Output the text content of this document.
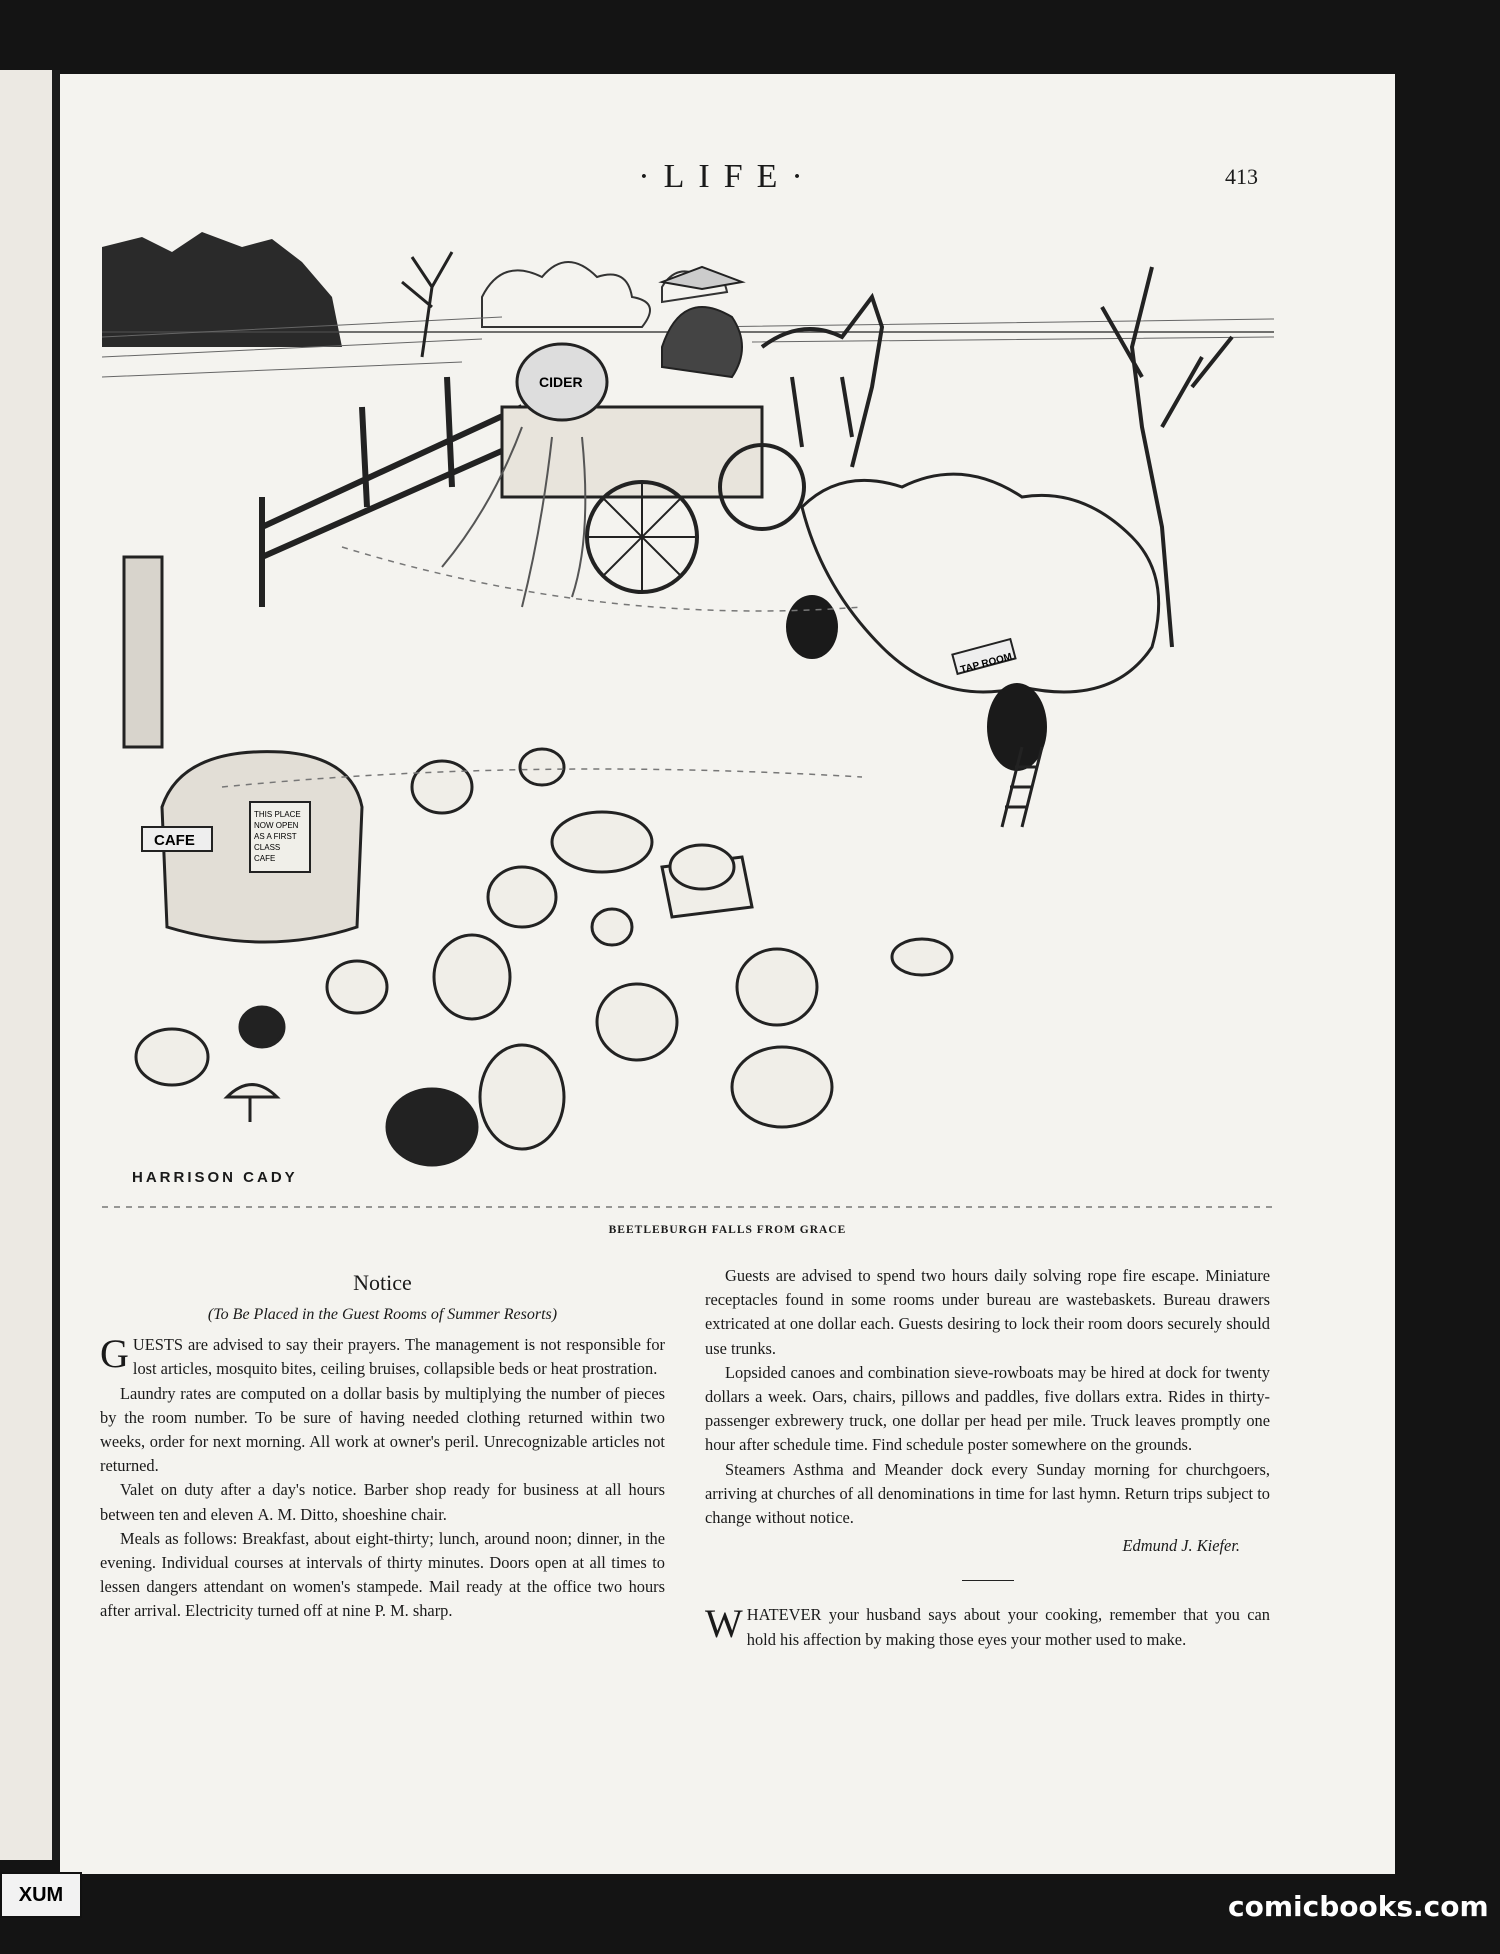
·LIFE·	413
CIDER
TAP ROOM
CAFE
THIS PLACE
NOW OPEN
AS A FIRST
CLASS
CAFE
HARRISON CADY
BEETLEBURGH FALLS FROM GRACE
Notice
(To Be Placed in the Guest Rooms of Summer Resorts)

GUESTS are advised to say their prayers. The management is not responsible for lost articles, mosquito bites, ceiling bruises, collapsible beds or heat prostration.

Laundry rates are computed on a dollar basis by multiplying the number of pieces by the room number. To be sure of having needed clothing returned within two weeks, order for next morning. All work at owner's peril. Unrecognizable articles not returned.

Valet on duty after a day's notice. Barber shop ready for business at all hours between ten and eleven A. M. Ditto, shoeshine chair.

Meals as follows: Breakfast, about eight-thirty; lunch, around noon; dinner, in the evening. Individual courses at intervals of thirty minutes. Doors open at all times to lessen dangers attendant on women's stampede. Mail ready at the office two hours after arrival. Electricity turned off at nine P. M. sharp.

Guests are advised to spend two hours daily solving rope fire escape. Miniature receptacles found in some rooms under bureau are wastebaskets. Bureau drawers extricated at one dollar each. Guests desiring to lock their room doors securely should use trunks.

Lopsided canoes and combination sieve-rowboats may be hired at dock for twenty dollars a week. Oars, chairs, pillows and paddles, five dollars extra. Rides in thirty-passenger exbrewery truck, one dollar per head per mile. Truck leaves promptly one hour after schedule time. Find schedule poster somewhere on the grounds.

Steamers Asthma and Meander dock every Sunday morning for churchgoers, arriving at churches of all denominations in time for last hymn. Return trips subject to change without notice.

Edmund J. Kiefer.

WHATEVER your husband says about your cooking, remember that you can hold his affection by making those eyes your mother used to make.

XUM	comicbooks.com
